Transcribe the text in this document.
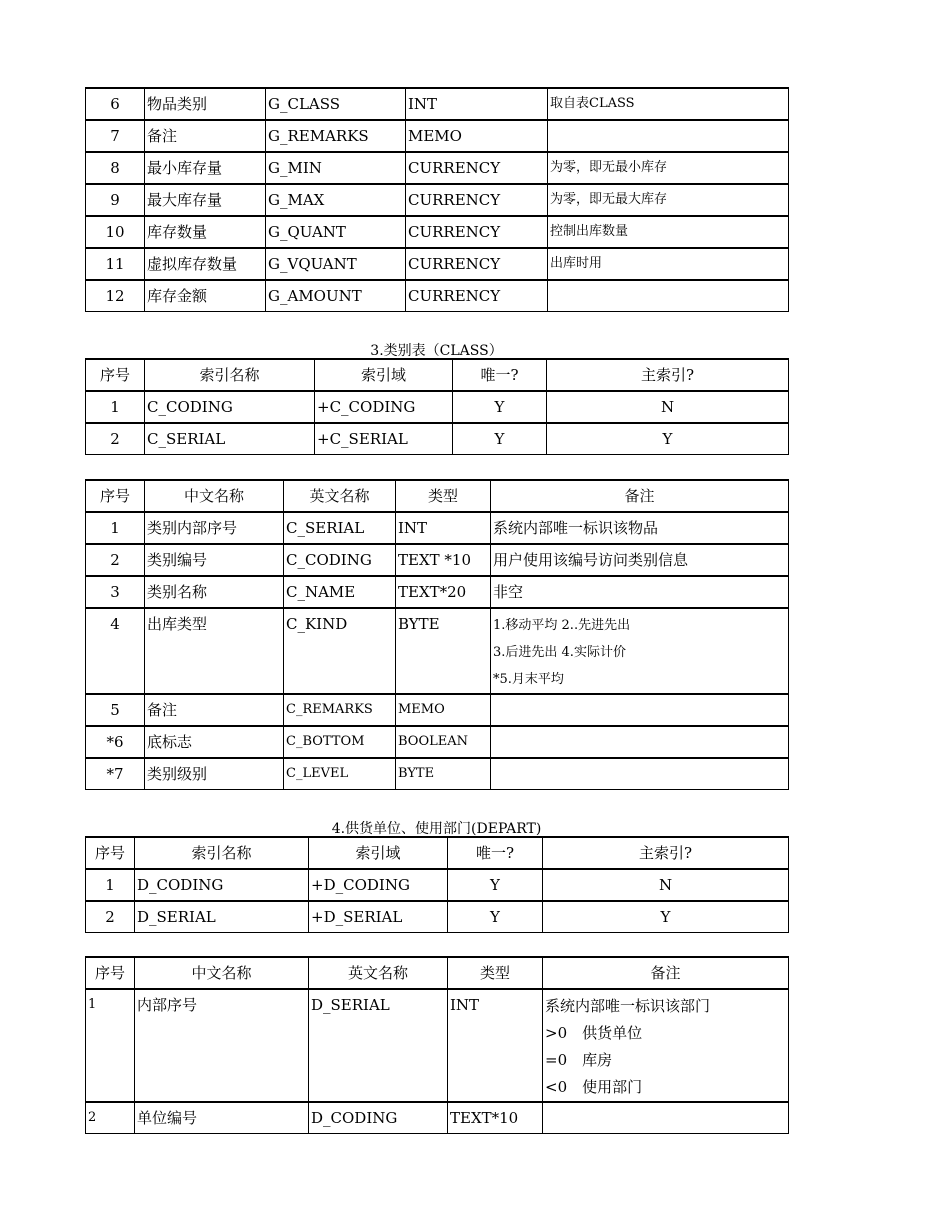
6	物品类别	G_CLASS	INT	取自表CLASS
7	备注	G_REMARKS	MEMO	
8	最小库存量	G_MIN	CURRENCY	为零，即无最小库存
9	最大库存量	G_MAX	CURRENCY	为零，即无最大库存
10	库存数量	G_QUANT	CURRENCY	控制出库数量
11	虚拟库存数量	G_VQUANT	CURRENCY	出库时用
12	库存金额	G_AMOUNT	CURRENCY	
3.类别表（CLASS）
序号	索引名称	索引域	唯一?	主索引?
1	C_CODING	+C_CODING	Y	N
2	C_SERIAL	+C_SERIAL	Y	Y
序号	中文名称	英文名称	类型	备注
1	类别内部序号	C_SERIAL	INT	系统内部唯一标识该物品
2	类别编号	C_CODING	TEXT *10	用户使用该编号访问类别信息
3	类别名称	C_NAME	TEXT*20	非空
4	出库类型	C_KIND	BYTE	1.移动平均 2..先进先出
3.后进先出 4.实际计价
*5.月末平均

5	备注	C_REMARKS	MEMO	
*6	底标志	C_BOTTOM	BOOLEAN	
*7	类别级别	C_LEVEL	BYTE	
4.供货单位、使用部门(DEPART)
序号	索引名称	索引域	唯一?	主索引?
1	D_CODING	+D_CODING	Y	N
2	D_SERIAL	+D_SERIAL	Y	Y
序号	中文名称	英文名称	类型	备注
1	内部序号	D_SERIAL	INT	系统内部唯一标识该部门
>0　供货单位
=0　库房
<0　使用部门

2	单位编号	D_CODING	TEXT*10	
